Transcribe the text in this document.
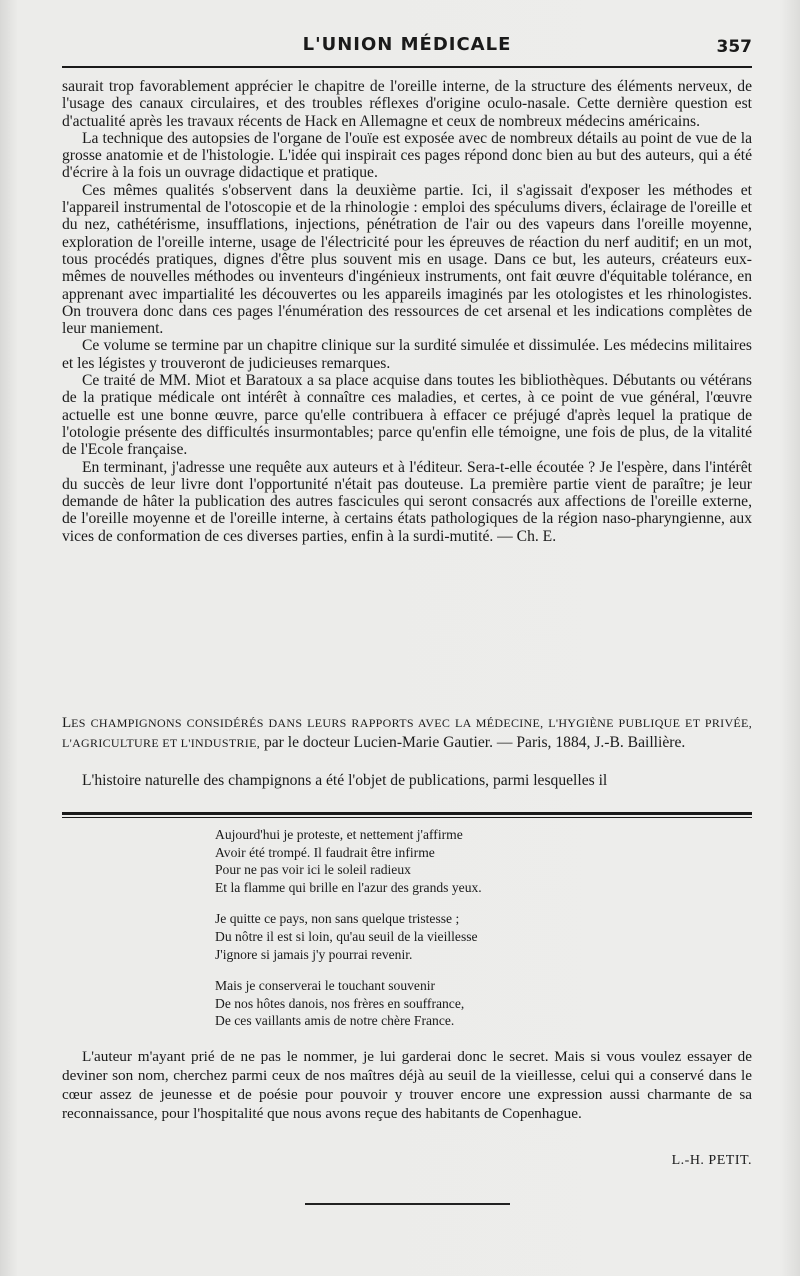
L'UNION MÉDICALE	357

saurait trop favorablement apprécier le chapitre de l'oreille interne, de la structure des éléments nerveux, de l'usage des canaux circulaires, et des troubles réflexes d'origine oculo-nasale. Cette dernière question est d'actualité après les travaux récents de Hack en Allemagne et ceux de nombreux médecins américains.

La technique des autopsies de l'organe de l'ouïe est exposée avec de nombreux détails au point de vue de la grosse anatomie et de l'histologie. L'idée qui inspirait ces pages répond donc bien au but des auteurs, qui a été d'écrire à la fois un ouvrage didactique et pratique.

Ces mêmes qualités s'observent dans la deuxième partie. Ici, il s'agissait d'exposer les méthodes et l'appareil instrumental de l'otoscopie et de la rhinologie : emploi des spéculums divers, éclairage de l'oreille et du nez, cathétérisme, insufflations, injections, pénétration de l'air ou des vapeurs dans l'oreille moyenne, exploration de l'oreille interne, usage de l'électricité pour les épreuves de réaction du nerf auditif; en un mot, tous procédés pratiques, dignes d'être plus souvent mis en usage. Dans ce but, les auteurs, créateurs eux-mêmes de nouvelles méthodes ou inventeurs d'ingénieux instruments, ont fait œuvre d'équitable tolérance, en apprenant avec impartialité les découvertes ou les appareils imaginés par les otologistes et les rhinologistes. On trouvera donc dans ces pages l'énumération des ressources de cet arsenal et les indications complètes de leur maniement.

Ce volume se termine par un chapitre clinique sur la surdité simulée et dissimulée. Les médecins militaires et les légistes y trouveront de judicieuses remarques.

Ce traité de MM. Miot et Baratoux a sa place acquise dans toutes les bibliothèques. Débutants ou vétérans de la pratique médicale ont intérêt à connaître ces maladies, et certes, à ce point de vue général, l'œuvre actuelle est une bonne œuvre, parce qu'elle contribuera à effacer ce préjugé d'après lequel la pratique de l'otologie présente des difficultés insurmontables; parce qu'enfin elle témoigne, une fois de plus, de la vitalité de l'Ecole française.

En terminant, j'adresse une requête aux auteurs et à l'éditeur. Sera-t-elle écoutée ? Je l'espère, dans l'intérêt du succès de leur livre dont l'opportunité n'était pas douteuse. La première partie vient de paraître; je leur demande de hâter la publication des autres fascicules qui seront consacrés aux affections de l'oreille externe, de l'oreille moyenne et de l'oreille interne, à certains états pathologiques de la région naso-pharyngienne, aux vices de conformation de ces diverses parties, enfin à la surdi-mutité. — Ch. E.

LES CHAMPIGNONS CONSIDÉRÉS DANS LEURS RAPPORTS AVEC LA MÉDECINE, L'HYGIÈNE PUBLIQUE ET PRIVÉE, L'AGRICULTURE ET L'INDUSTRIE, par le docteur Lucien-Marie Gautier. — Paris, 1884, J.-B. Baillière.
L'histoire naturelle des champignons a été l'objet de publications, parmi lesquelles il
Aujourd'hui je proteste, et nettement j'affirme
Avoir été trompé. Il faudrait être infirme
Pour ne pas voir ici le soleil radieux
Et la flamme qui brille en l'azur des grands yeux.
Je quitte ce pays, non sans quelque tristesse ;
Du nôtre il est si loin, qu'au seuil de la vieillesse
J'ignore si jamais j'y pourrai revenir.
Mais je conserverai le touchant souvenir
De nos hôtes danois, nos frères en souffrance,
De ces vaillants amis de notre chère France.
L'auteur m'ayant prié de ne pas le nommer, je lui garderai donc le secret. Mais si vous voulez essayer de deviner son nom, cherchez parmi ceux de nos maîtres déjà au seuil de la vieillesse, celui qui a conservé dans le cœur assez de jeunesse et de poésie pour pouvoir y trouver encore une expression aussi charmante de sa reconnaissance, pour l'hospitalité que nous avons reçue des habitants de Copenhague.
L.-H. PETIT.
